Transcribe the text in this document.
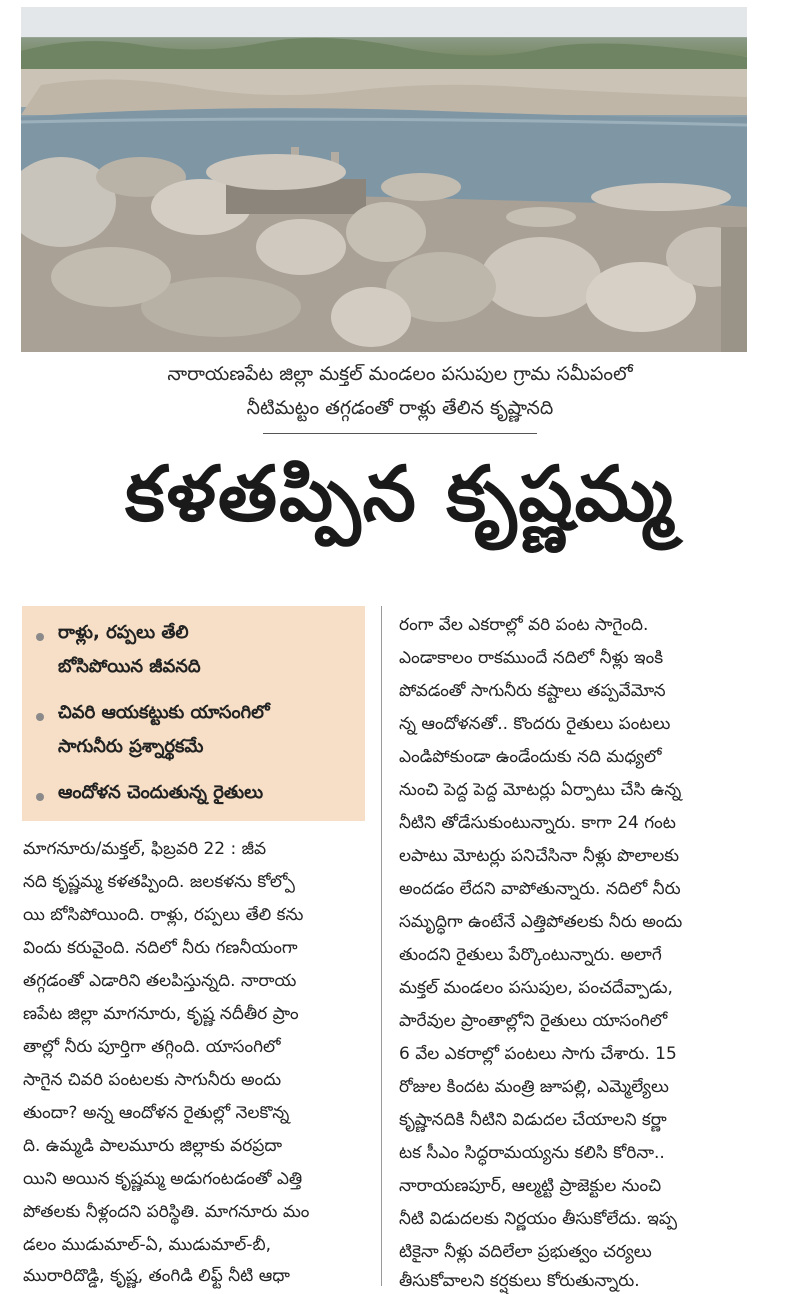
నారాయణపేట జిల్లా మక్తల్ మండలం పసుపుల గ్రామ సమీపంలో
నీటిమట్టం తగ్గడంతో రాళ్లు తేలిన కృష్ణానది
కళతప్పిన కృష్ణమ్మ
రాళ్లు, రప్పలు తేలి
బోసిపోయిన జీవనది
చివరి ఆయకట్టుకు యాసంగిలో
సాగునీరు ప్రశ్నార్థకమే
ఆందోళన చెందుతున్న రైతులు
మాగనూరు/మక్తల్, ఫిబ్రవరి 22 : జీవ
నది కృష్ణమ్మ కళతప్పింది. జలకళను కోల్పో
యి బోసిపోయింది. రాళ్లు, రప్పలు తేలి కను
విందు కరువైంది. నదిలో నీరు గణనీయంగా
తగ్గడంతో ఎడారిని తలపిస్తున్నది. నారాయ
ణపేట జిల్లా మాగనూరు, కృష్ణ నదీతీర ప్రాం
తాల్లో నీరు పూర్తిగా తగ్గింది. యాసంగిలో
సాగైన చివరి పంటలకు సాగునీరు అందు
తుందా? అన్న ఆందోళన రైతుల్లో నెలకొన్న
ది. ఉమ్మడి పాలమూరు జిల్లాకు వరప్రదా
యిని అయిన కృష్ణమ్మ అడుగంటడంతో ఎత్తి
పోతలకు నీళ్లందని పరిస్థితి. మాగనూరు మం
డలం ముడుమాల్-ఏ, ముడుమాల్-బీ,
మురారిదొడ్డి, కృష్ణ, తంగిడి లిఫ్ట్ నీటి ఆధా
రంగా వేల ఎకరాల్లో వరి పంట సాగైంది.
ఎండాకాలం రాకముందే నదిలో నీళ్లు ఇంకి
పోవడంతో సాగునీరు కష్టాలు తప్పవేమోన
న్న ఆందోళనతో.. కొందరు రైతులు పంటలు
ఎండిపోకుండా ఉండేందుకు నది మధ్యలో
నుంచి పెద్ద పెద్ద మోటర్లు ఏర్పాటు చేసి ఉన్న
నీటిని తోడేసుకుంటున్నారు. కాగా 24 గంట
లపాటు మోటర్లు పనిచేసినా నీళ్లు పొలాలకు
అందడం లేదని వాపోతున్నారు. నదిలో నీరు
సమృద్ధిగా ఉంటేనే ఎత్తిపోతలకు నీరు అందు
తుందని రైతులు పేర్కొంటున్నారు. అలాగే
మక్తల్ మండలం పసుపుల, పంచదేవ్పాడు,
పారేవుల ప్రాంతాల్లోని రైతులు యాసంగిలో
6 వేల ఎకరాల్లో పంటలు సాగు చేశారు. 15
రోజుల కిందట మంత్రి జూపల్లి, ఎమ్మెల్యేలు
కృష్ణానదికి నీటిని విడుదల చేయాలని కర్ణా
టక సీఎం సిద్ధరామయ్యను కలిసి కోరినా..
నారాయణపూర్, ఆల్మట్టి ప్రాజెక్టుల నుంచి
నీటి విడుదలకు నిర్ణయం తీసుకోలేదు. ఇప్ప
టికైనా నీళ్లు వదిలేలా ప్రభుత్వం చర్యలు
తీసుకోవాలని కర్షకులు కోరుతున్నారు.
